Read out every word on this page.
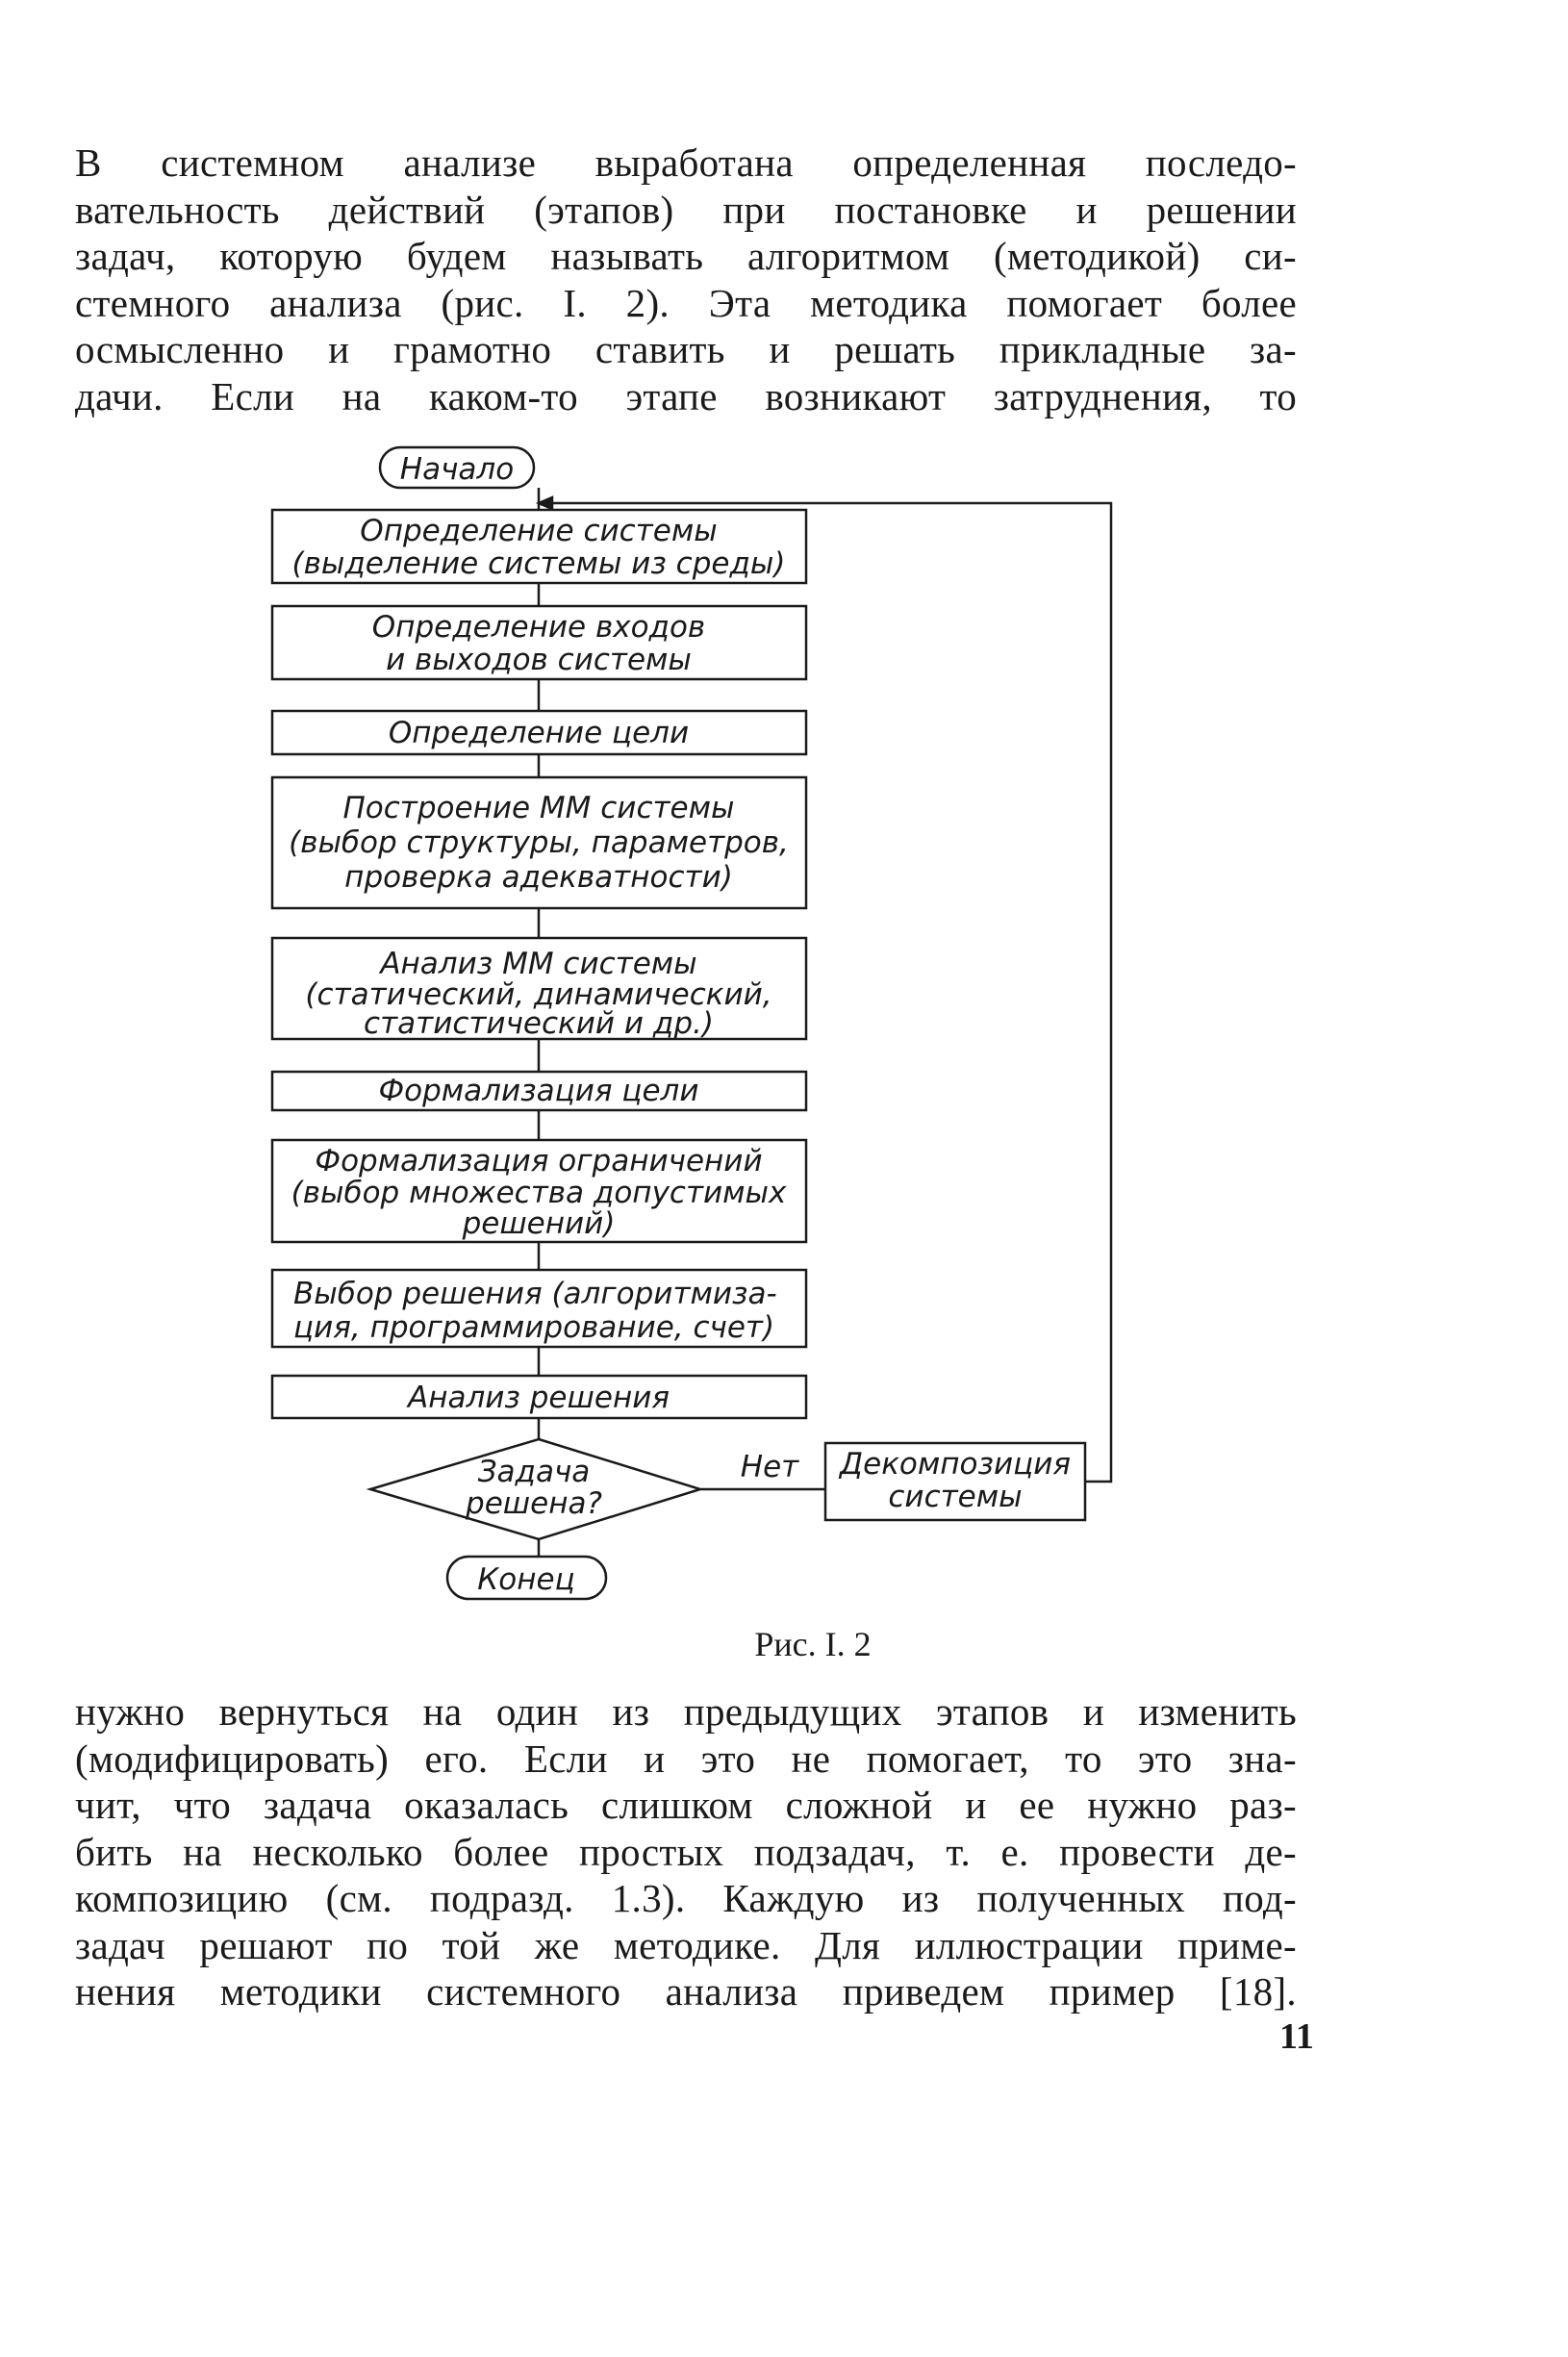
В системном анализе выработана определенная последо-
вательность действий (этапов) при постановке и решении
задач, которую будем называть алгоритмом (методикой) си-
стемного анализа (рис. I. 2). Эта методика помогает более
осмысленно и грамотно ставить и решать прикладные за-
дачи. Если на каком-то этапе возникают затруднения, то
Начало
Определение системы
(выделение системы из среды)
Определение входов
и выходов системы
Определение цели
Построение ММ системы
(выбор структуры, параметров,
проверка адекватности)
Анализ ММ системы
(статический, динамический,
статистический и др.)
Формализация цели
Формализация ограничений
(выбор множества допустимых
решений)
Выбор решения (алгоритмиза-
ция, программирование, счет)
Анализ решения
Задача
решена?
Нет Декомпозиция
системы
Конец
Рис. I. 2
нужно вернуться на один из предыдущих этапов и изменить
(модифицировать) его. Если и это не помогает, то это зна-
чит, что задача оказалась слишком сложной и ее нужно раз-
бить на несколько более простых подзадач, т. е. провести де-
композицию (см. подразд. 1.3). Каждую из полученных под-
задач решают по той же методике. Для иллюстрации приме-
нения методики системного анализа приведем пример [18].
11
